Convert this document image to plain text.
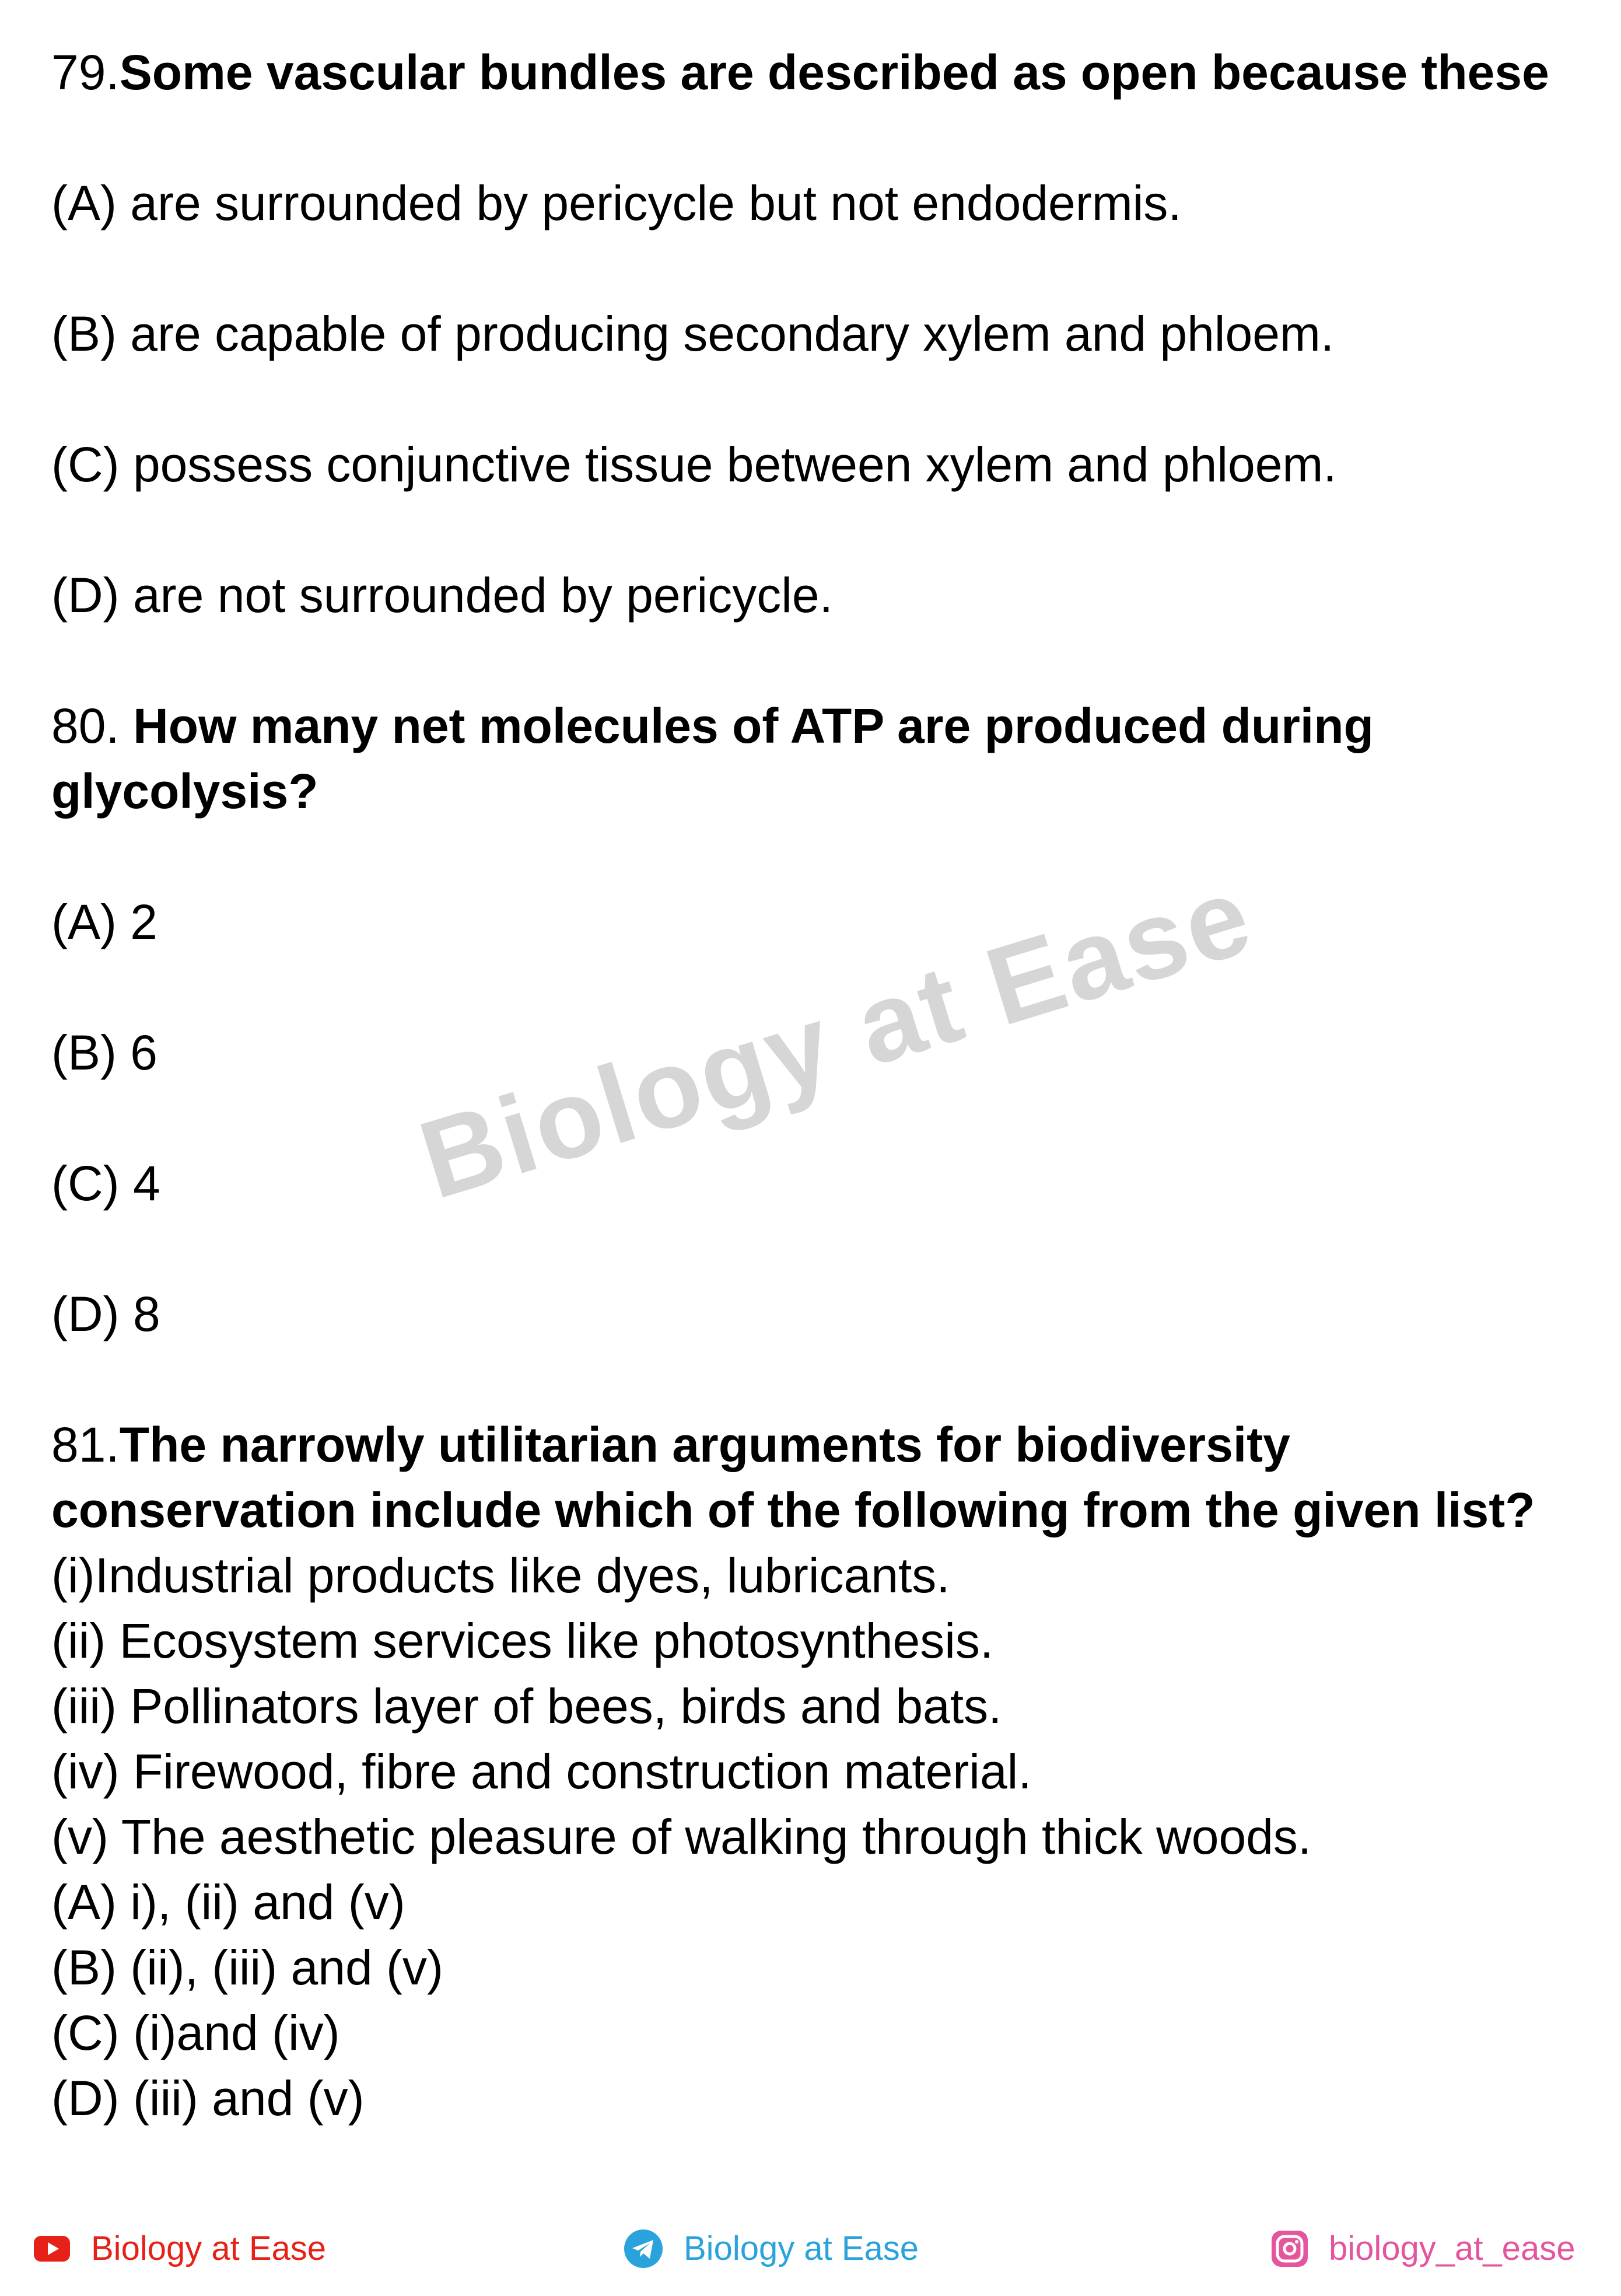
79.Some vascular bundles are described as open because these

(A) are surrounded by pericycle but not endodermis.

(B) are capable of producing secondary xylem and phloem.

(C) possess conjunctive tissue between xylem and phloem.

(D) are not surrounded by pericycle.

80. How many net molecules of ATP are produced during glycolysis?

(A) 2

(B) 6

(C) 4

(D) 8

81.The narrowly utilitarian arguments for biodiversity

conservation include which of the following from the given list?

(i)Industrial products like dyes, lubricants.

(ii) Ecosystem services like photosynthesis.

(iii) Pollinators layer of bees, birds and bats.

(iv) Firewood, fibre and construction material.

(v) The aesthetic pleasure of walking through thick woods.

(A) i), (ii) and (v)

(B) (ii), (iii) and (v)

(C) (i)and (iv)

(D) (iii) and (v)

Biology at Ease
Biology at Ease	Biology at Ease	biology_at_ease
